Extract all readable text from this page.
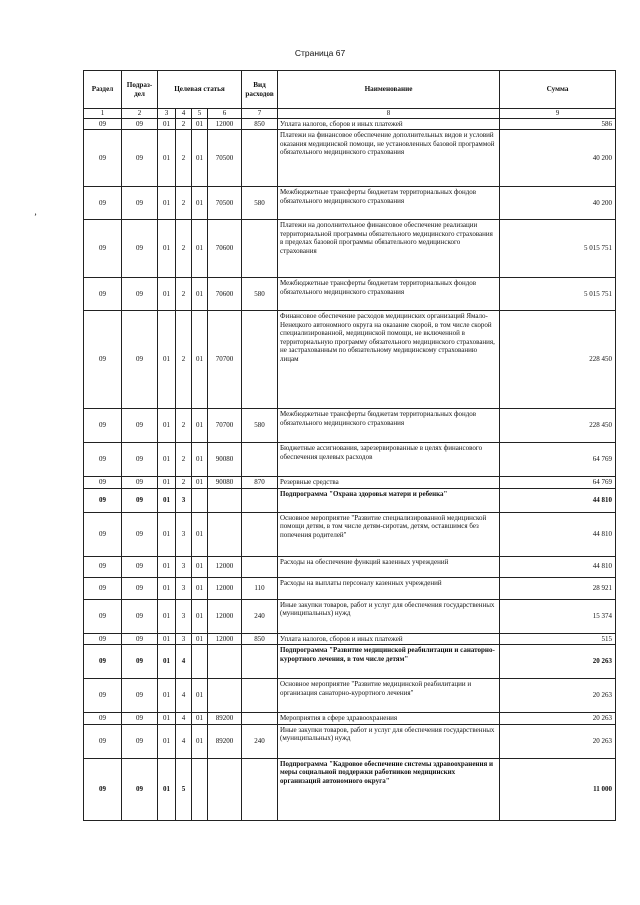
Страница 67
ʼ
Раздел	Подраз-дел	Целевая статья				Вид расходов	Наименование	Сумма
1	2	3	4	5	6	7	8	9
09	09	01	2	01	12000	850	Уплата налогов, сборов и иных платежей	586
09	09	01	2	01	70500		Платежи на финансовое обеспечение дополнительных видов и условий оказания медицинской помощи, не установленных базовой программой обязательного медицинского страхования	40 200
09	09	01	2	01	70500	580	Межбюджетные трансферты бюджетам территориальных фондов обязательного медицинского страхования	40 200
09	09	01	2	01	70600		Платежи на дополнительное финансовое обеспечение реализации территориальной программы обязательного медицинского страхования в пределах базовой программы обязательного медицинского страхования	5 015 751
09	09	01	2	01	70600	580	Межбюджетные трансферты бюджетам территориальных фондов обязательного медицинского страхования	5 015 751
09	09	01	2	01	70700		Финансовое обеспечение расходов медицинских организаций Ямало-Ненецкого автономного округа на оказание скорой, в том числе скорой специализированной, медицинской помощи, не включенной в территориальную программу обязательного медицинского страхования, не застрахованным по обязательному медицинскому страхованию лицам	228 450
09	09	01	2	01	70700	580	Межбюджетные трансферты бюджетам территориальных фондов обязательного медицинского страхования	228 450
09	09	01	2	01	90080		Бюджетные ассигнования, зарезервированные в целях финансового обеспечения целевых расходов	64 769
09	09	01	2	01	90080	870	Резервные средства	64 769
09	09	01	3				Подпрограмма "Охрана здоровья матери и ребенка"	44 810
09	09	01	3	01			Основное мероприятие "Развитие специализированной медицинской помощи детям, в том числе детям-сиротам, детям, оставшимся без попечения родителей"	44 810
09	09	01	3	01	12000		Расходы на обеспечение функций казенных учреждений	44 810
09	09	01	3	01	12000	110	Расходы на выплаты персоналу казенных учреждений	28 921
09	09	01	3	01	12000	240	Иные закупки товаров, работ и услуг для обеспечения государственных (муниципальных) нужд	15 374
09	09	01	3	01	12000	850	Уплата налогов, сборов и иных платежей	515
09	09	01	4				Подпрограмма "Развитие медицинской реабилитации и санаторно-курортного лечения, в том числе детям"	20 263
09	09	01	4	01			Основное мероприятие "Развитие медицинской реабилитации и организация санаторно-курортного лечения"	20 263
09	09	01	4	01	89200		Мероприятия в сфере здравоохранения	20 263
09	09	01	4	01	89200	240	Иные закупки товаров, работ и услуг для обеспечения государственных (муниципальных) нужд	20 263
09	09	01	5				Подпрограмма "Кадровое обеспечение системы здравоохранения и меры социальной поддержки работников медицинских организаций автономного округа"	11 000
